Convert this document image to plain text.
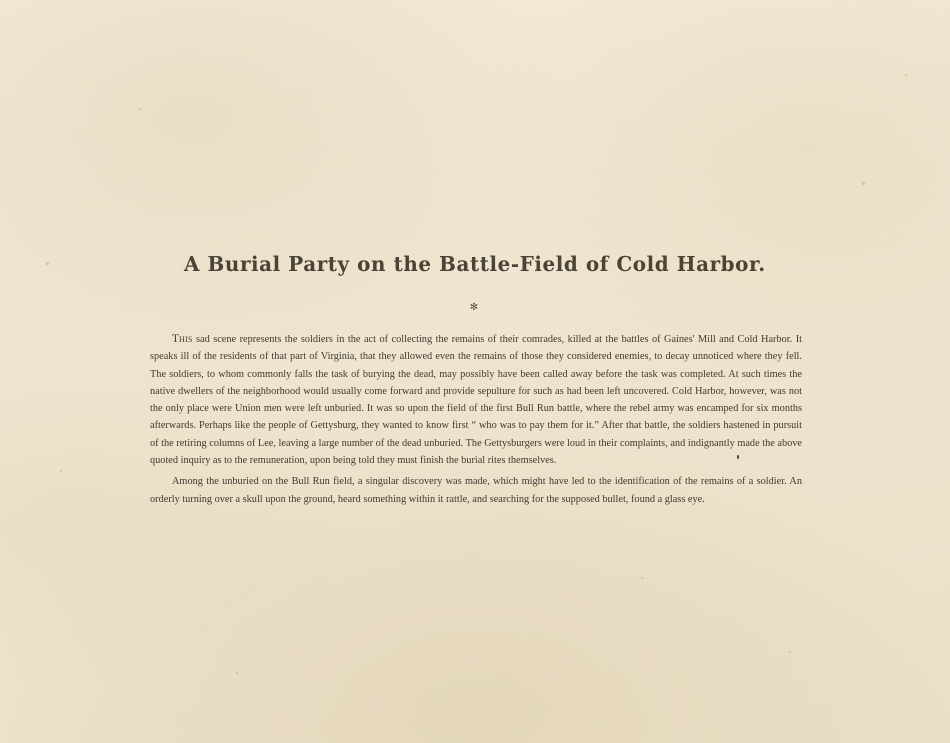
A Burial Party on the Battle-Field of Cold Harbor.
✻

This sad scene represents the soldiers in the act of collecting the remains of their comrades, killed at the battles of Gaines' Mill and Cold Harbor. It speaks ill of the residents of that part of Virginia, that they allowed even the remains of those they considered enemies, to decay unnoticed where they fell. The soldiers, to whom commonly falls the task of burying the dead, may possibly have been called away before the task was completed. At such times the native dwellers of the neighborhood would usually come forward and provide sepulture for such as had been left uncovered. Cold Harbor, however, was not the only place were Union men were left unburied. It was so upon the field of the first Bull Run battle, where the rebel army was encamped for six months afterwards. Perhaps like the people of Gettysburg, they wanted to know first “ who was to pay them for it.” After that battle, the soldiers hastened in pursuit of the retiring columns of Lee, leaving a large number of the dead unburied. The Gettysburgers were loud in their complaints, and indignantly made the above quoted inquiry as to the remuneration, upon being told they must finish the burial rites themselves.

Among the unburied on the Bull Run field, a singular discovery was made, which might have led to the identification of the remains of a soldier. An orderly turning over a skull upon the ground, heard something within it rattle, and searching for the supposed bullet, found a glass eye.
